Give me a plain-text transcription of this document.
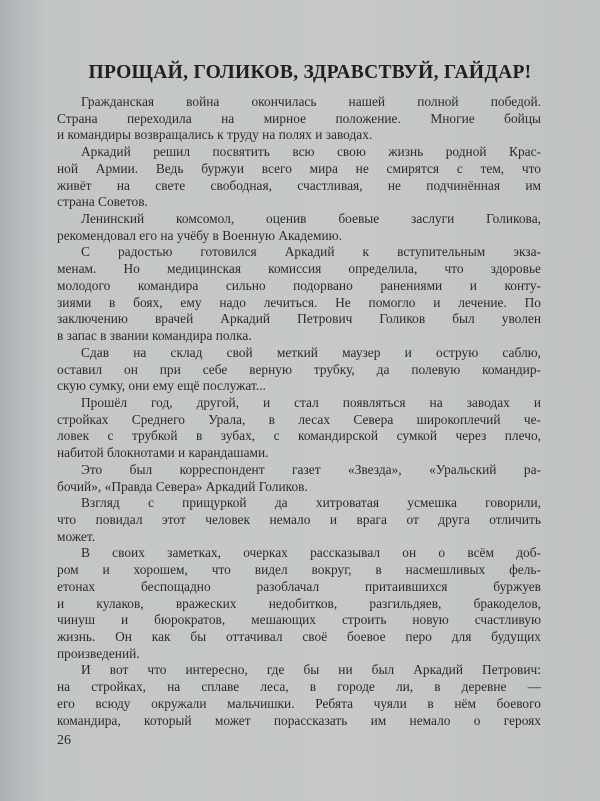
ПРОЩАЙ, ГОЛИКОВ, ЗДРАВСТВУЙ, ГАЙДАР!
Гражданская война окончилась нашей полной победой.
Страна переходила на мирное положение. Многие бойцы
и командиры возвращались к труду на полях и заводах.
Аркадий решил посвятить всю свою жизнь родной Крас-
ной Армии. Ведь буржуи всего мира не смирятся с тем, что
живёт на свете свободная, счастливая, не подчинённая им
страна Советов.
Ленинский комсомол, оценив боевые заслуги Голикова,
рекомендовал его на учёбу в Военную Академию.
С радостью готовился Аркадий к вступительным экза-
менам. Но медицинская комиссия определила, что здоровье
молодого командира сильно подорвано ранениями и конту-
зиями в боях, ему надо лечиться. Не помогло и лечение. По
заключению врачей Аркадий Петрович Голиков был уволен
в запас в звании командира полка.
Сдав на склад свой меткий маузер и острую саблю,
оставил он при себе верную трубку, да полевую командир-
скую сумку, они ему ещё послужат...
Прошёл год, другой, и стал появляться на заводах и
стройках Среднего Урала, в лесах Севера широкоплечий че-
ловек с трубкой в зубах, с командирской сумкой через плечо,
набитой блокнотами и карандашами.
Это был корреспондент газет «Звезда», «Уральский ра-
бочий», «Правда Севера» Аркадий Голиков.
Взгляд с прищуркой да хитроватая усмешка говорили,
что повидал этот человек немало и врага от друга отличить
может.
В своих заметках, очерках рассказывал он о всём доб-
ром и хорошем, что видел вокруг, в насмешливых фель-
етонах беспощадно разоблачал притаившихся буржуев
и кулаков, вражеских недобитков, разгильдяев, бракоделов,
чинуш и бюрократов, мешающих строить новую счастливую
жизнь. Он как бы оттачивал своё боевое перо для будущих
произведений.
И вот что интересно, где бы ни был Аркадий Петрович:
на стройках, на сплаве леса, в городе ли, в деревне —
его всюду окружали мальчишки. Ребята чуяли в нём боевого
командира, который может порассказать им немало о героях
26
